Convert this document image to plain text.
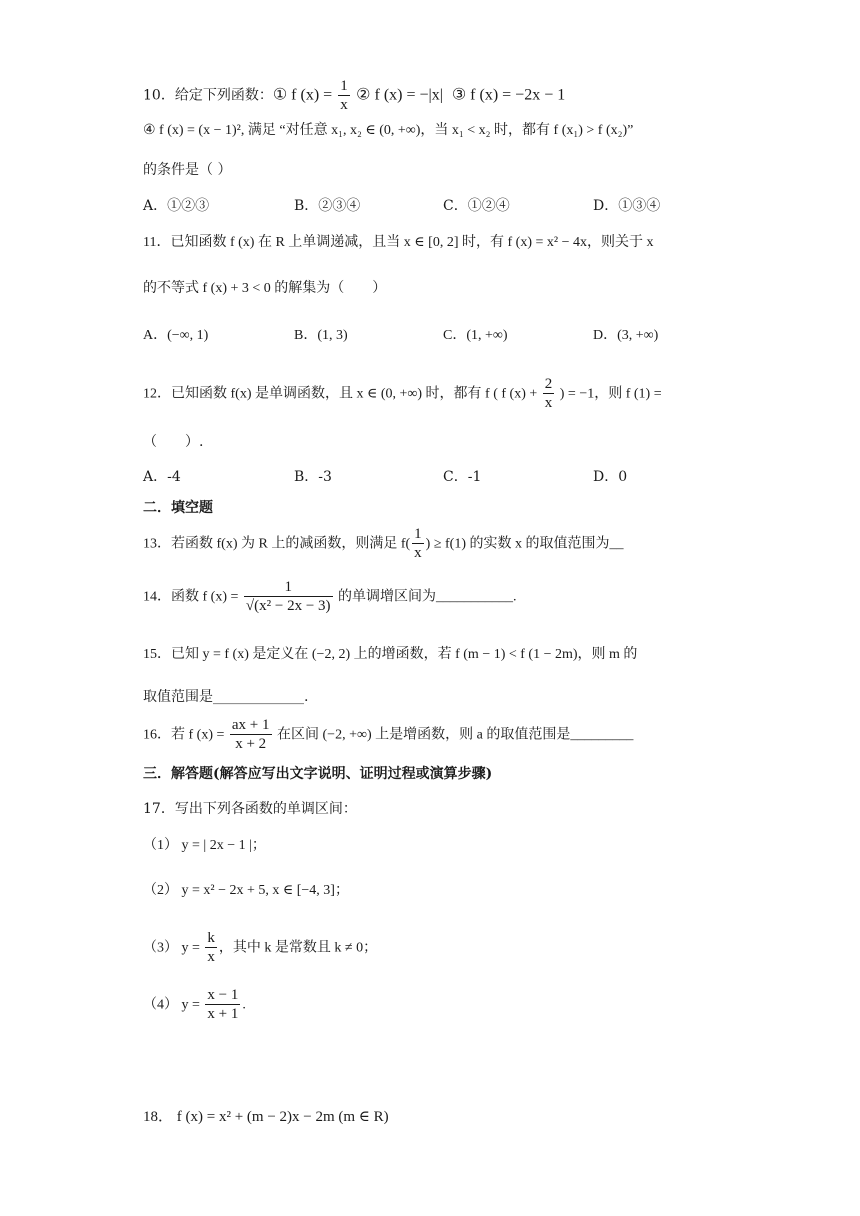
10．给定下列函数：① f $(x) = \frac{1}{x}$ ② f (x) = −|x| ③ f (x) = −2x − 1
④ f (x) = (x − 1)², 满足 “对任意 x₁, x₂ ∈ (0, +∞)，当 x₁ < x₂ 时，都有 f (x₁) > f (x₂)”
的条件是（ ）
A．①②③	B．②③④	C．①②④	D．①③④
11．已知函数 f (x) 在 R 上单调递减，且当 x ∈ [0, 2] 时，有 f (x) = x² − 4x，则关于 x
的不等式 f (x) + 3 < 0 的解集为（　　）
A．(−∞, 1)	B．(1, 3)	C．(1, +∞)	D．(3, +∞)
12．已知函数 f(x) 是单调函数，且 x ∈ (0, +∞) 时，都有 f ( f $(x) + \frac{2}{x}$ ) = −1，则 f (1) =
（　　）.
A．-4	B．-3	C．-1	D．0
二．填空题
13．若函数 f(x) 为 R 上的减函数，则满足 $f( \frac{1}{x}$ ) ≥ f(1) 的实数 x 的取值范围为__
14．函数 f $(x) = \frac{1}{\text{√(x² − 2x − 3)}}$ 的单调增区间为___________.
15．已知 y = f (x) 是定义在 (−2, 2) 上的增函数，若 f (m − 1) < f (1 − 2m)，则 m 的
取值范围是_____________.
16．若 f $(x) = \frac{ax + 1}{x + 2}$ 在区间 (−2, +∞) 上是增函数，则 a 的取值范围是_________
三．解答题(解答应写出文字说明、证明过程或演算步骤)
17．写出下列各函数的单调区间：
（1） y = | 2x − 1 |；
（2） y = x² − 2x + 5, x ∈ [−4, 3]；
（3） $y = \frac{k}{x}$ ，其中 k 是常数且 k ≠ 0；
（4） $y = \frac{x - 1}{x + 1}$ .
18． f (x) = x² + (m − 2)x − 2m (m ∈ R)
